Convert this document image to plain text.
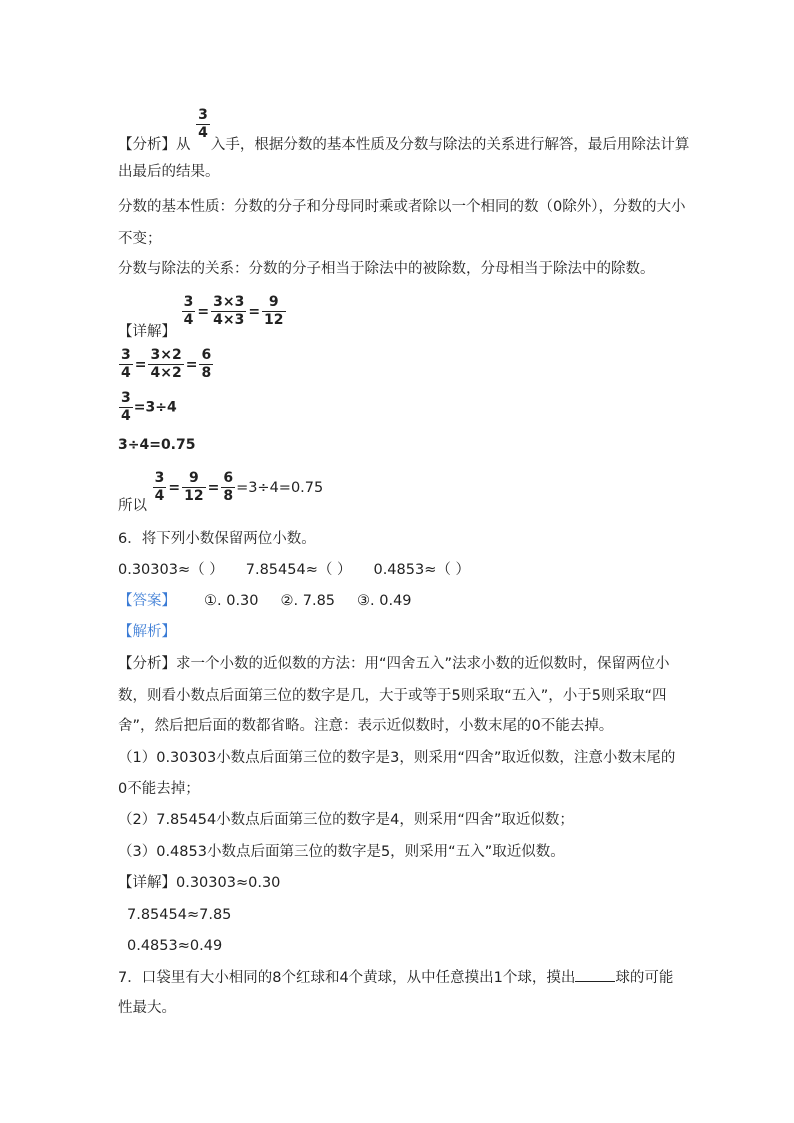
【分析】从
$\frac{3}{4}$
入手，根据分数的基本性质及分数与除法的关系进行解答，最后用除法计算
出最后的结果。
分数的基本性质：分数的分子和分母同时乘或者除以一个相同的数（0除外），分数的大小
不变；
分数与除法的关系：分数的分子相当于除法中的被除数，分母相当于除法中的除数。
【详解】
$\frac{3}{4} = \frac{3\times 3}{4\times 3} = \frac{9}{12}$
$\frac{3}{4} = \frac{3\times 2}{4\times 2} = \frac{6}{8}$
$\frac{3}{4} =3\div 4$
3÷4=0.75
所以
$\frac{3}{4} = \frac{9}{12} = \frac{6}{8} =3\div 4=0.75$
6．将下列小数保留两位小数。
0.30303≈（ ） 7.85454≈（ ） 0.4853≈（ ）
【答案】 ①. 0.30 ②. 7.85 ③. 0.49
【解析】
【分析】求一个小数的近似数的方法：用“四舍五入”法求小数的近似数时，保留两位小
数，则看小数点后面第三位的数字是几，大于或等于5则采取“五入”，小于5则采取“四
舍”，然后把后面的数都省略。注意：表示近似数时，小数末尾的0不能去掉。
（1）0.30303小数点后面第三位的数字是3，则采用“四舍”取近似数，注意小数末尾的
0不能去掉；
（2）7.85454小数点后面第三位的数字是4，则采用“四舍”取近似数；
（3）0.4853小数点后面第三位的数字是5，则采用“五入”取近似数。
【详解】0.30303≈0.30
7.85454≈7.85
0.4853≈0.49
7．口袋里有大小相同的8个红球和4个黄球，从中任意摸出1个球，摸出	球的可能
性最大。
